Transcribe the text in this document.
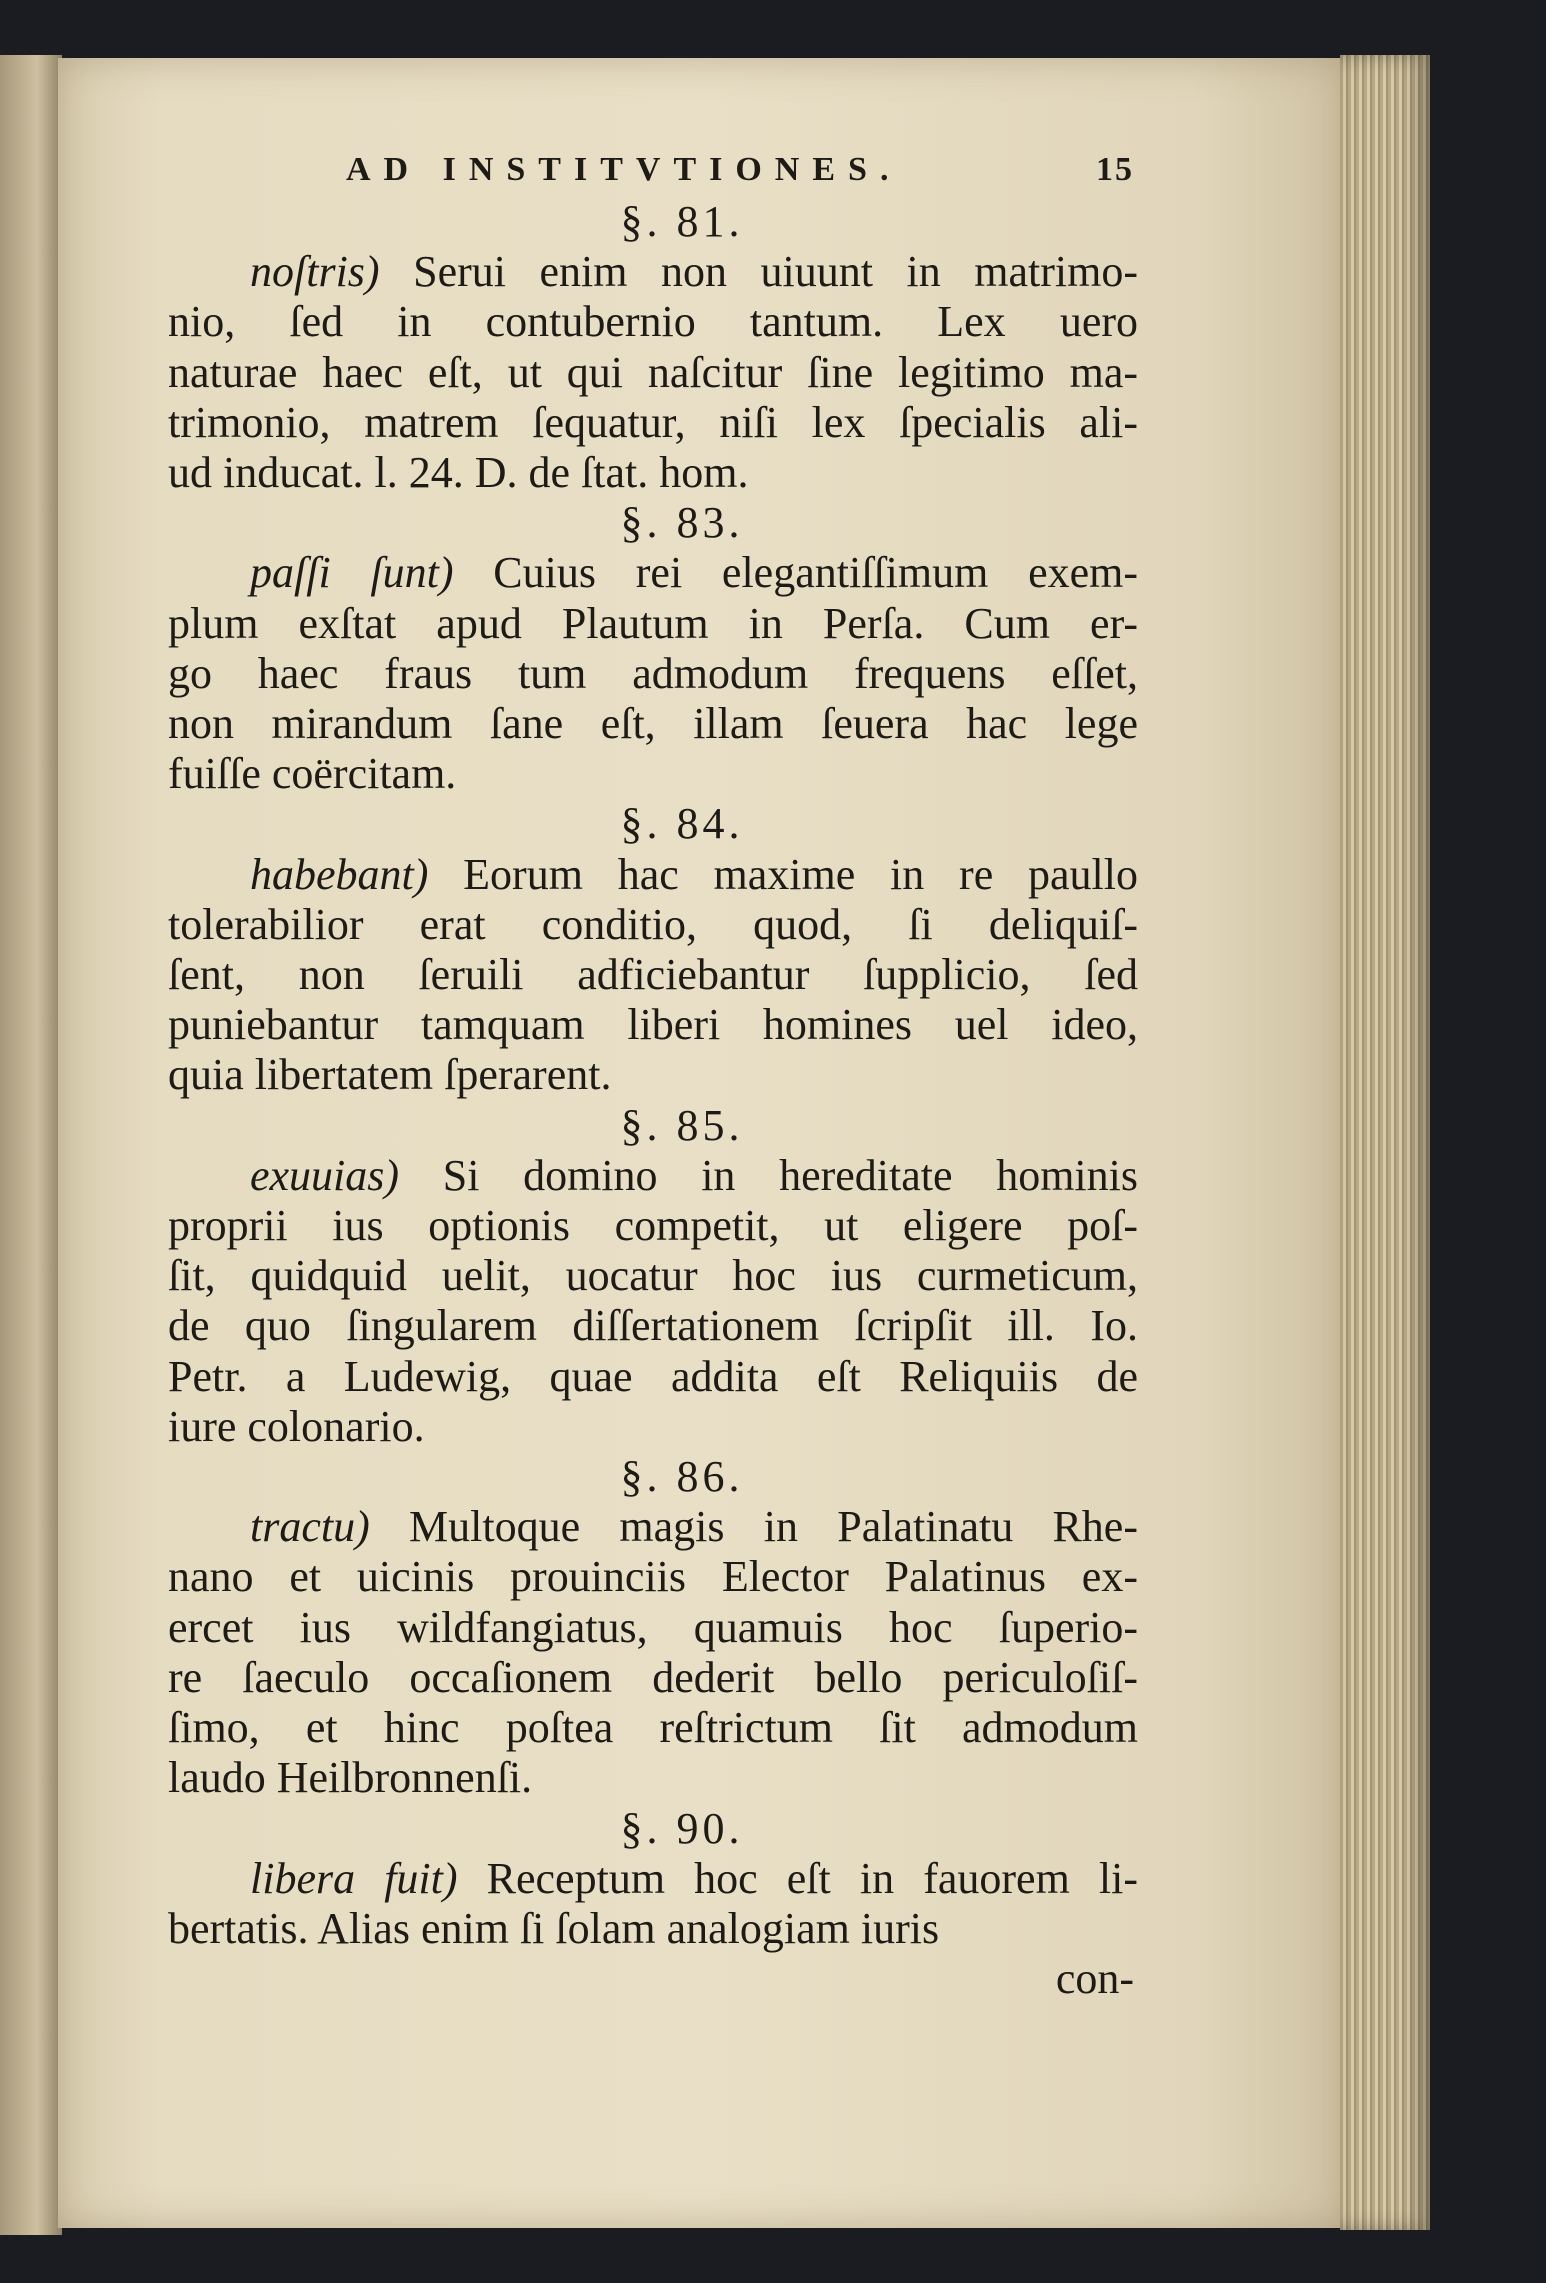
AD INSTITVTIONES.	15
§. 81.
noſtris) Serui enim non uiuunt in matrimo-
nio, ſed in contubernio tantum. Lex uero
naturae haec eſt, ut qui naſcitur ſine legitimo ma-
trimonio, matrem ſequatur, niſi lex ſpecialis ali-
ud inducat. l. 24. D. de ſtat. hom.
§. 83.
paſſi ſunt) Cuius rei elegantiſſimum exem-
plum exſtat apud Plautum in Perſa. Cum er-
go haec fraus tum admodum frequens eſſet,
non mirandum ſane eſt, illam ſeuera hac lege
fuiſſe coërcitam.
§. 84.
habebant) Eorum hac maxime in re paullo
tolerabilior erat conditio, quod, ſi deliquiſ-
ſent, non ſeruili adficiebantur ſupplicio, ſed
puniebantur tamquam liberi homines uel ideo,
quia libertatem ſperarent.
§. 85.
exuuias) Si domino in hereditate hominis
proprii ius optionis competit, ut eligere poſ-
ſit, quidquid uelit, uocatur hoc ius curmeticum,
de quo ſingularem diſſertationem ſcripſit ill. Io.
Petr. a Ludewig, quae addita eſt Reliquiis de
iure colonario.
§. 86.
tractu) Multoque magis in Palatinatu Rhe-
nano et uicinis prouinciis Elector Palatinus ex-
ercet ius wildfangiatus, quamuis hoc ſuperio-
re ſaeculo occaſionem dederit bello periculoſiſ-
ſimo, et hinc poſtea reſtrictum ſit admodum
laudo Heilbronnenſi.
§. 90.
libera fuit) Receptum hoc eſt in fauorem li-
bertatis. Alias enim ſi ſolam analogiam iuris
con-
